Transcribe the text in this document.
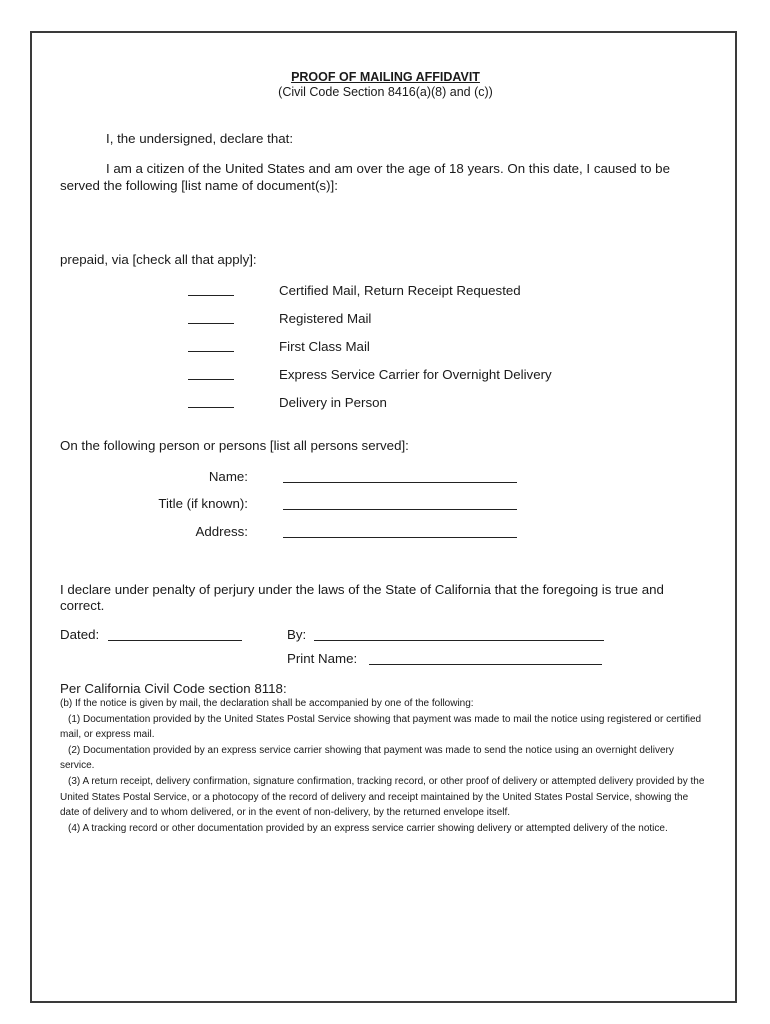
PROOF OF MAILING AFFIDAVIT
(Civil Code Section 8416(a)(8) and (c))
I, the undersigned, declare that:
I am a citizen of the United States and am over the age of 18 years. On this date, I caused to be
served the following [list name of document(s)]:
prepaid, via [check all that apply]:
Certified Mail, Return Receipt Requested
Registered Mail
First Class Mail
Express Service Carrier for Overnight Delivery
Delivery in Person
On the following person or persons [list all persons served]:
Name:
Title (if known):
Address:
I declare under penalty of perjury under the laws of the State of California that the foregoing is true and
correct.
Dated:	By:
Print Name:
Per California Civil Code section 8118:

(b) If the notice is given by mail, the declaration shall be accompanied by one of the following:

(1) Documentation provided by the United States Postal Service showing that payment was made to mail the notice using registered or certified mail, or express mail.

(2) Documentation provided by an express service carrier showing that payment was made to send the notice using an overnight delivery service.

(3) A return receipt, delivery confirmation, signature confirmation, tracking record, or other proof of delivery or attempted delivery provided by the United States Postal Service, or a photocopy of the record of delivery and receipt maintained by the United States Postal Service, showing the date of delivery and to whom delivered, or in the event of non-delivery, by the returned envelope itself.

(4) A tracking record or other documentation provided by an express service carrier showing delivery or attempted delivery of the notice.
